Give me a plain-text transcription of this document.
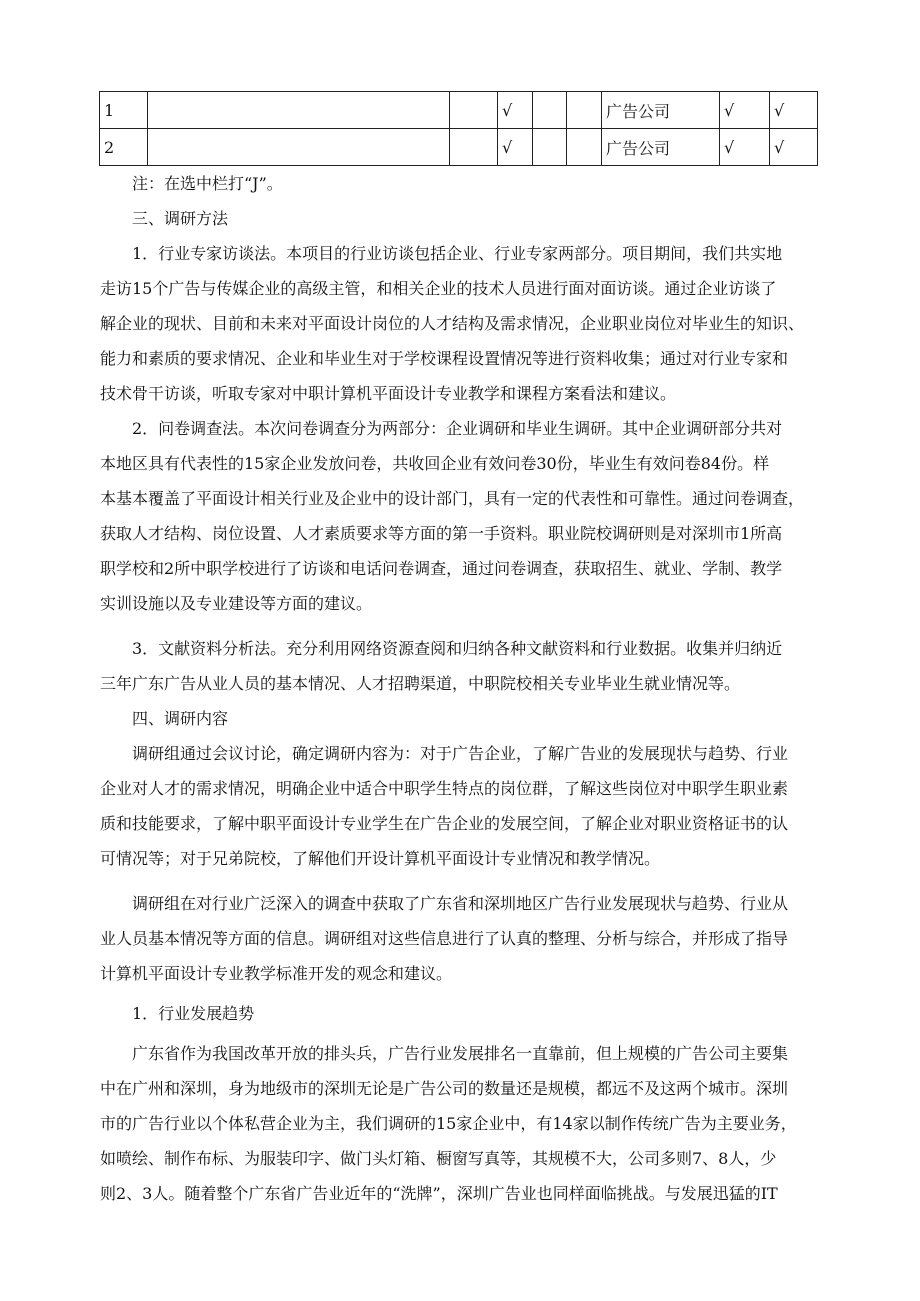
1			√			广告公司	√	√
2			√			广告公司	√	√
注：在选中栏打“J”。
三、调研方法
1．行业专家访谈法。本项目的行业访谈包括企业、行业专家两部分。项目期间，我们共实地
走访15个广告与传媒企业的高级主管，和相关企业的技术人员进行面对面访谈。通过企业访谈了
解企业的现状、目前和未来对平面设计岗位的人才结构及需求情况，企业职业岗位对毕业生的知识、
能力和素质的要求情况、企业和毕业生对于学校课程设置情况等进行资料收集；通过对行业专家和
技术骨干访谈，听取专家对中职计算机平面设计专业教学和课程方案看法和建议。
2．问卷调查法。本次问卷调查分为两部分：企业调研和毕业生调研。其中企业调研部分共对
本地区具有代表性的15家企业发放问卷，共收回企业有效问卷30份，毕业生有效问卷84份。样
本基本覆盖了平面设计相关行业及企业中的设计部门，具有一定的代表性和可靠性。通过问卷调查，
获取人才结构、岗位设置、人才素质要求等方面的第一手资料。职业院校调研则是对深圳市1所高
职学校和2所中职学校进行了访谈和电话问卷调查，通过问卷调查，获取招生、就业、学制、教学
实训设施以及专业建设等方面的建议。
3．文献资料分析法。充分利用网络资源查阅和归纳各种文献资料和行业数据。收集并归纳近
三年广东广告从业人员的基本情况、人才招聘渠道，中职院校相关专业毕业生就业情况等。
四、调研内容
调研组通过会议讨论，确定调研内容为：对于广告企业，了解广告业的发展现状与趋势、行业
企业对人才的需求情况，明确企业中适合中职学生特点的岗位群，了解这些岗位对中职学生职业素
质和技能要求，了解中职平面设计专业学生在广告企业的发展空间，了解企业对职业资格证书的认
可情况等；对于兄弟院校，了解他们开设计算机平面设计专业情况和教学情况。
调研组在对行业广泛深入的调查中获取了广东省和深圳地区广告行业发展现状与趋势、行业从
业人员基本情况等方面的信息。调研组对这些信息进行了认真的整理、分析与综合，并形成了指导
计算机平面设计专业教学标准开发的观念和建议。
1．行业发展趋势
广东省作为我国改革开放的排头兵，广告行业发展排名一直靠前，但上规模的广告公司主要集
中在广州和深圳，身为地级市的深圳无论是广告公司的数量还是规模，都远不及这两个城市。深圳
市的广告行业以个体私营企业为主，我们调研的15家企业中，有14家以制作传统广告为主要业务，
如喷绘、制作布标、为服装印字、做门头灯箱、橱窗写真等，其规模不大，公司多则7、8人，少
则2、3人。随着整个广东省广告业近年的“洗牌”，深圳广告业也同样面临挑战。与发展迅猛的IT
